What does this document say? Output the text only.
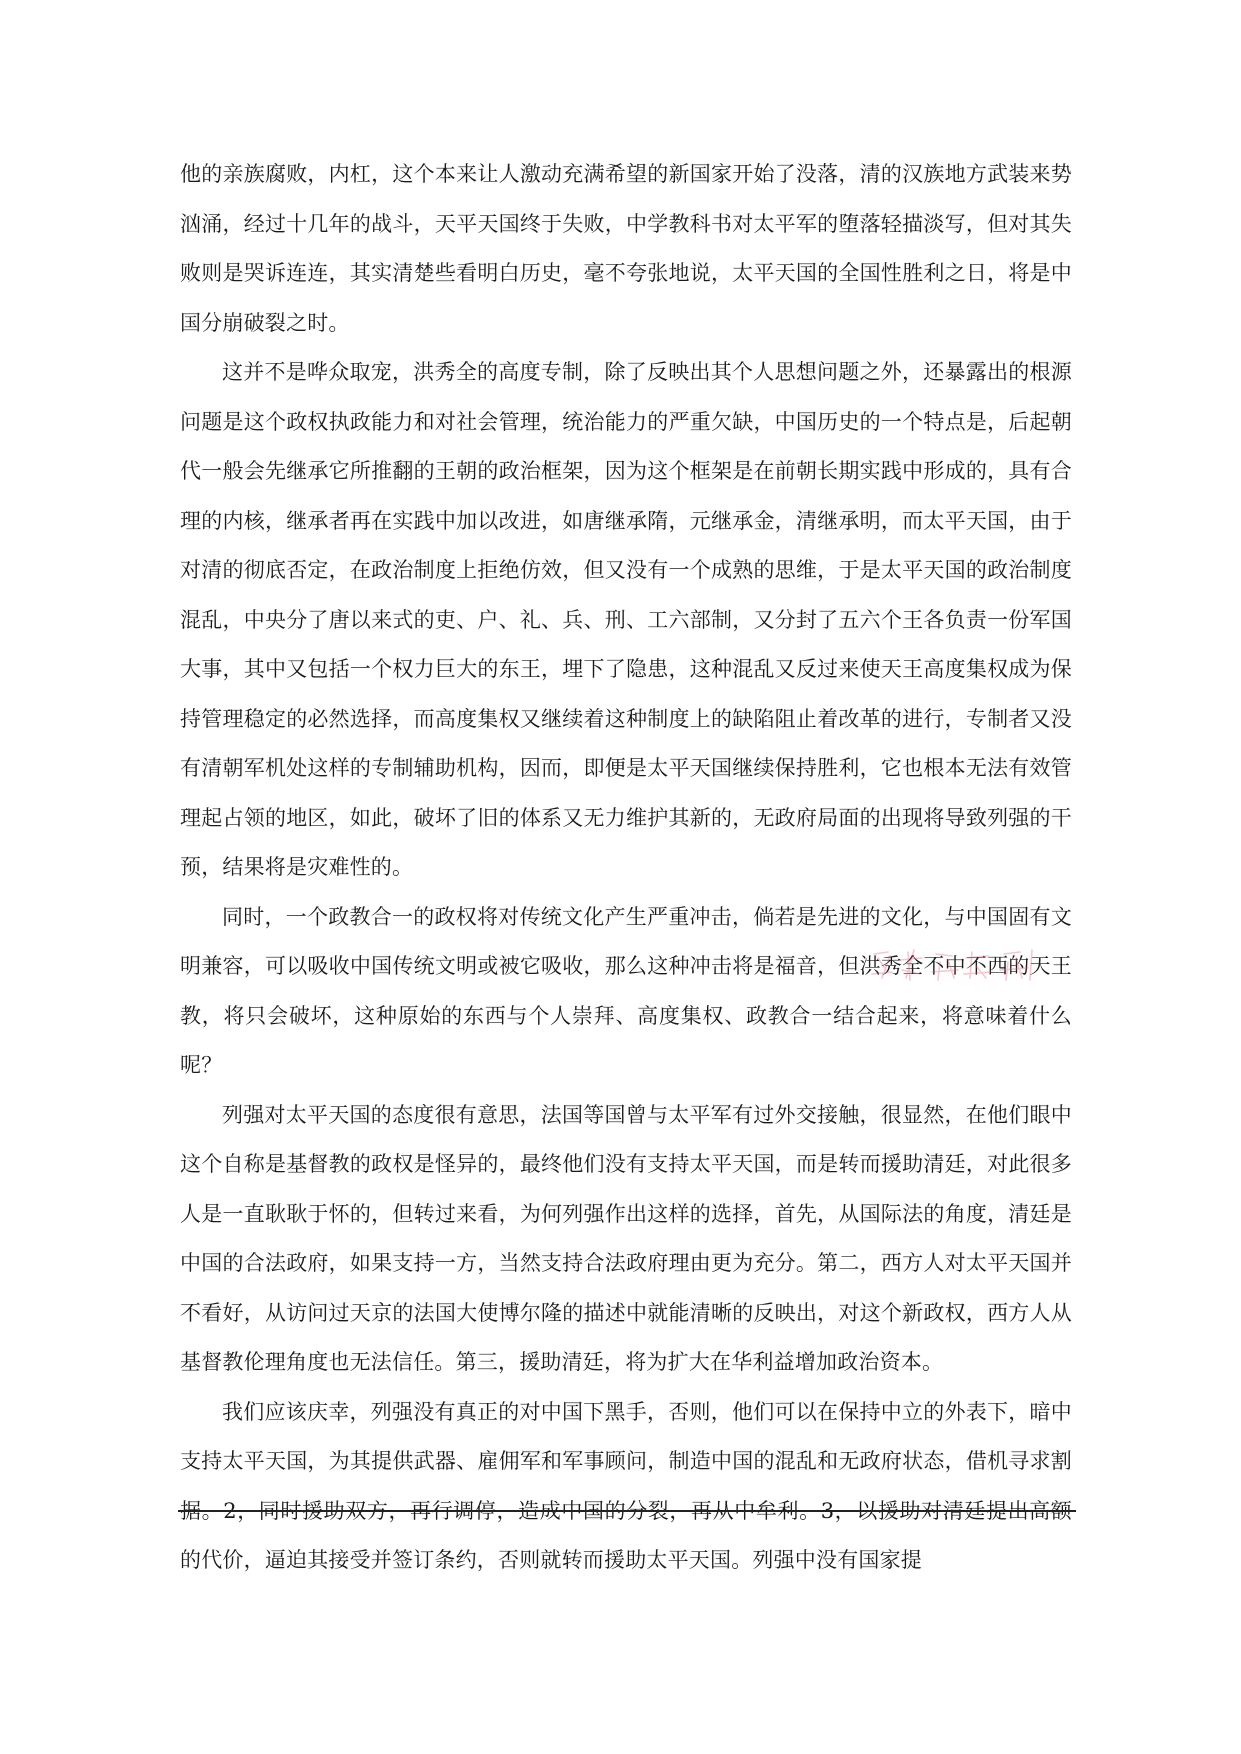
他的亲族腐败，内杠，这个本来让人激动充满希望的新国家开始了没落，清的汉族地方武装来势汹涌，经过十几年的战斗，天平天国终于失败，中学教科书对太平军的堕落轻描淡写，但对其失败则是哭诉连连，其实清楚些看明白历史，毫不夸张地说，太平天国的全国性胜利之日，将是中国分崩破裂之时。

这并不是哗众取宠，洪秀全的高度专制，除了反映出其个人思想问题之外，还暴露出的根源问题是这个政权执政能力和对社会管理，统治能力的严重欠缺，中国历史的一个特点是，后起朝代一般会先继承它所推翻的王朝的政治框架，因为这个框架是在前朝长期实践中形成的，具有合理的内核，继承者再在实践中加以改进，如唐继承隋，元继承金，清继承明，而太平天国，由于对清的彻底否定，在政治制度上拒绝仿效，但又没有一个成熟的思维，于是太平天国的政治制度混乱，中央分了唐以来式的吏、户、礼、兵、刑、工六部制，又分封了五六个王各负责一份军国大事，其中又包括一个权力巨大的东王，埋下了隐患，这种混乱又反过来使天王高度集权成为保持管理稳定的必然选择，而高度集权又继续着这种制度上的缺陷阻止着改革的进行，专制者又没有清朝军机处这样的专制辅助机构，因而，即便是太平天国继续保持胜利，它也根本无法有效管理起占领的地区，如此，破坏了旧的体系又无力维护其新的，无政府局面的出现将导致列强的干预，结果将是灾难性的。

同时，一个政教合一的政权将对传统文化产生严重冲击，倘若是先进的文化，与中国固有文明兼容，可以吸收中国传统文明或被它吸收，那么这种冲击将是福音，但洪秀全不中不西的天王教，将只会破坏，这种原始的东西与个人崇拜、高度集权、政教合一结合起来，将意味着什么呢？

列强对太平天国的态度很有意思，法国等国曾与太平军有过外交接触，很显然，在他们眼中这个自称是基督教的政权是怪异的，最终他们没有支持太平天国，而是转而援助清廷，对此很多人是一直耿耿于怀的，但转过来看，为何列强作出这样的选择，首先，从国际法的角度，清廷是中国的合法政府，如果支持一方，当然支持合法政府理由更为充分。第二，西方人对太平天国并不看好，从访问过天京的法国大使博尔隆的描述中就能清晰的反映出，对这个新政权，西方人从基督教伦理角度也无法信任。第三，援助清廷，将为扩大在华利益增加政治资本。

我们应该庆幸，列强没有真正的对中国下黑手，否则，他们可以在保持中立的外表下，暗中支持太平天国，为其提供武器、雇佣军和军事顾问，制造中国的混乱和无政府状态，借机寻求割据。2，同时援助双方，再行调停，造成中国的分裂，再从中牟利。3，以援助对清廷提出高额的代价，逼迫其接受并签订条约，否则就转而援助太平天国。列强中没有国家提
